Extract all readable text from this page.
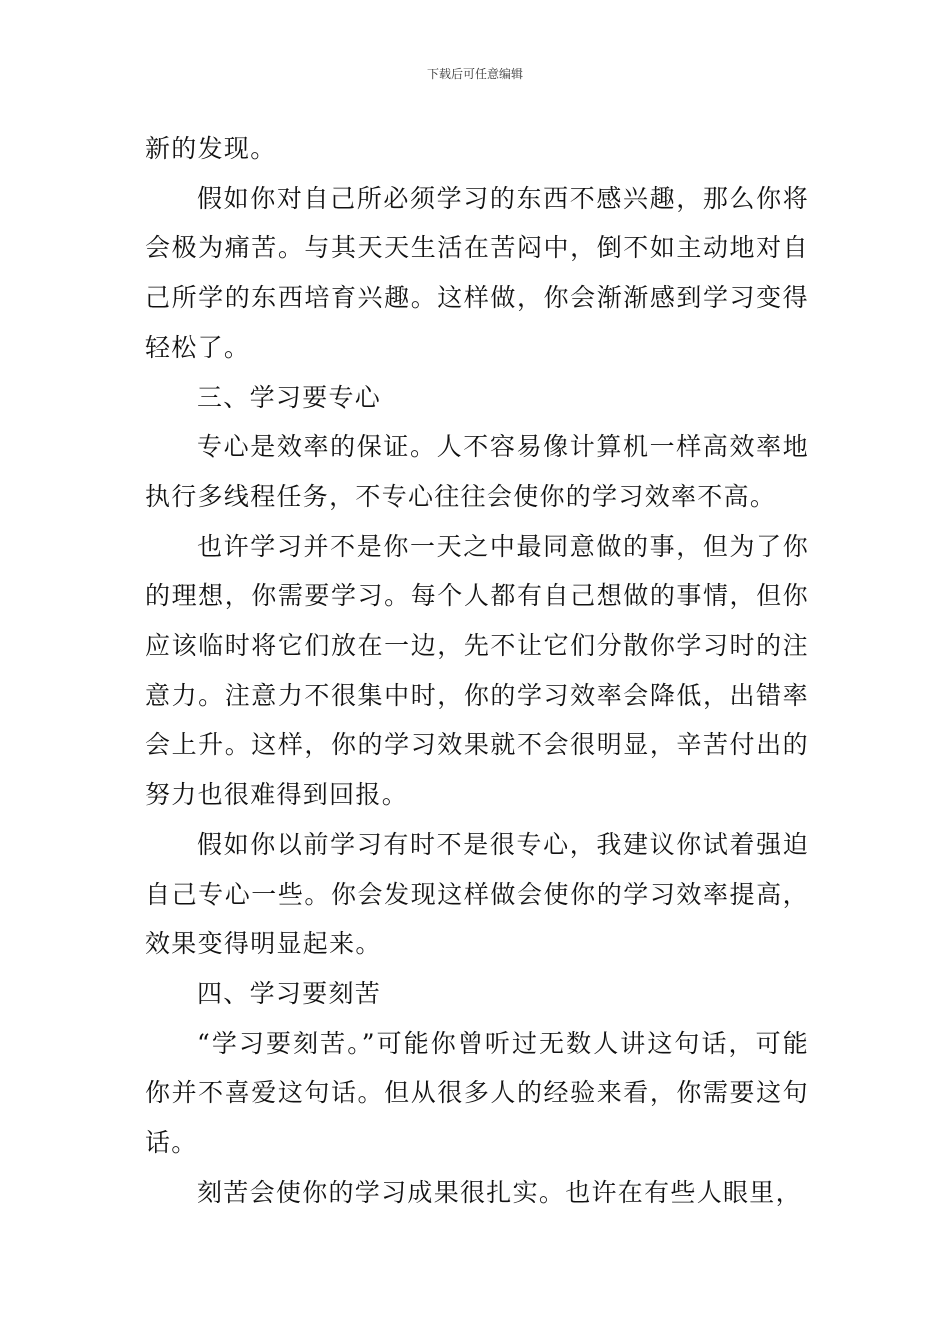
下载后可任意编辑

新的发现。

假如你对自己所必须学习的东西不感兴趣，那么你将会极为痛苦。与其天天生活在苦闷中，倒不如主动地对自己所学的东西培育兴趣。这样做，你会渐渐感到学习变得轻松了。

三、学习要专心

专心是效率的保证。人不容易像计算机一样高效率地执行多线程任务，不专心往往会使你的学习效率不高。

也许学习并不是你一天之中最同意做的事，但为了你的理想，你需要学习。每个人都有自己想做的事情，但你应该临时将它们放在一边，先不让它们分散你学习时的注意力。注意力不很集中时，你的学习效率会降低，出错率会上升。这样，你的学习效果就不会很明显，辛苦付出的努力也很难得到回报。

假如你以前学习有时不是很专心，我建议你试着强迫自己专心一些。你会发现这样做会使你的学习效率提高，效果变得明显起来。

四、学习要刻苦

“学习要刻苦。”可能你曾听过无数人讲这句话，可能你并不喜爱这句话。但从很多人的经验来看，你需要这句话。

刻苦会使你的学习成果很扎实。也许在有些人眼里，
